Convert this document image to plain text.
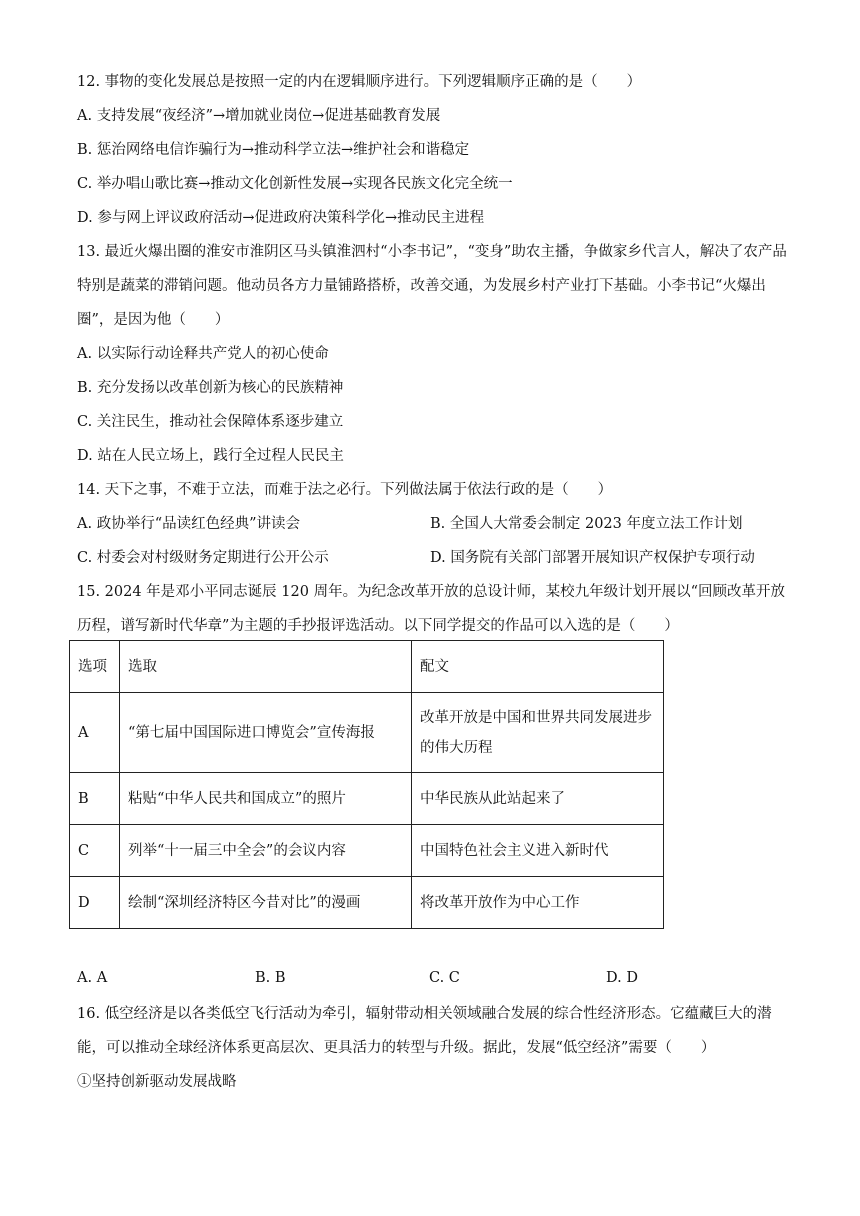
12. 事物的变化发展总是按照一定的内在逻辑顺序进行。下列逻辑顺序正确的是（　　）
A. 支持发展“夜经济”→增加就业岗位→促进基础教育发展
B. 惩治网络电信诈骗行为→推动科学立法→维护社会和谐稳定
C. 举办唱山歌比赛→推动文化创新性发展→实现各民族文化完全统一
D. 参与网上评议政府活动→促进政府决策科学化→推动民主进程
13. 最近火爆出圈的淮安市淮阴区马头镇淮泗村“小李书记”，“变身”助农主播，争做家乡代言人，解决了农产品特别是蔬菜的滞销问题。他动员各方力量铺路搭桥，改善交通，为发展乡村产业打下基础。小李书记“火爆出圈”，是因为他（　　）
A. 以实际行动诠释共产党人的初心使命
B. 充分发扬以改革创新为核心的民族精神
C. 关注民生，推动社会保障体系逐步建立
D. 站在人民立场上，践行全过程人民民主
14. 天下之事，不难于立法，而难于法之必行。下列做法属于依法行政的是（　　）
A. 政协举行“品读红色经典”讲读会	B. 全国人大常委会制定 2023 年度立法工作计划
C. 村委会对村级财务定期进行公开公示	D. 国务院有关部门部署开展知识产权保护专项行动
15. 2024 年是邓小平同志诞辰 120 周年。为纪念改革开放的总设计师，某校九年级计划开展以“回顾改革开放历程，谱写新时代华章”为主题的手抄报评选活动。以下同学提交的作品可以入选的是（　　）
选项	选取	配文
A	“第七届中国国际进口博览会”宣传海报	改革开放是中国和世界共同发展进步的伟大历程
B	粘贴“中华人民共和国成立”的照片	中华民族从此站起来了
C	列举“十一届三中全会”的会议内容	中国特色社会主义进入新时代
D	绘制“深圳经济特区今昔对比”的漫画	将改革开放作为中心工作
A. A	B. B	C. C	D. D
16. 低空经济是以各类低空飞行活动为牵引，辐射带动相关领域融合发展的综合性经济形态。它蕴藏巨大的潜能，可以推动全球经济体系更高层次、更具活力的转型与升级。据此，发展“低空经济”需要（　　）
①坚持创新驱动发展战略
